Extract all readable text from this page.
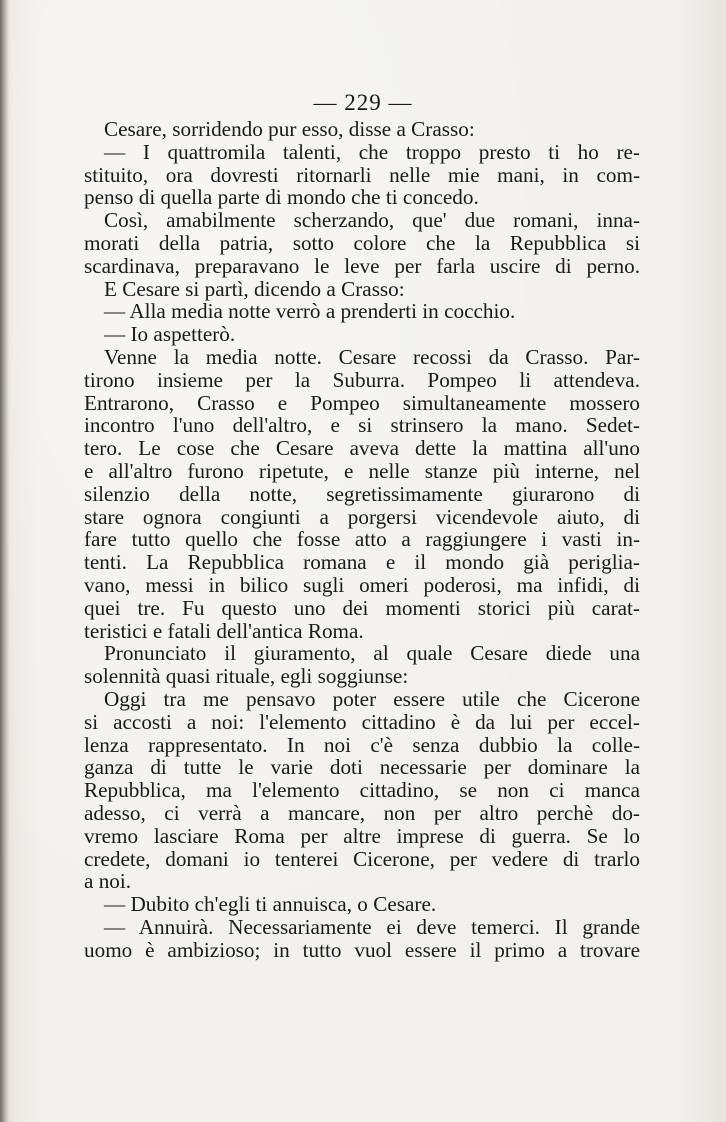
— 229 —
Cesare, sorridendo pur esso, disse a Crasso:
— I quattromila talenti, che troppo presto ti ho re-
stituito, ora dovresti ritornarli nelle mie mani, in com-
penso di quella parte di mondo che ti concedo.
Così, amabilmente scherzando, que' due romani, inna-
morati della patria, sotto colore che la Repubblica si
scardinava, preparavano le leve per farla uscire di perno.
E Cesare si partì, dicendo a Crasso:
— Alla media notte verrò a prenderti in cocchio.
— Io aspetterò.
Venne la media notte. Cesare recossi da Crasso. Par-
tirono insieme per la Suburra. Pompeo li attendeva.
Entrarono, Crasso e Pompeo simultaneamente mossero
incontro l'uno dell'altro, e si strinsero la mano. Sedet-
tero. Le cose che Cesare aveva dette la mattina all'uno
e all'altro furono ripetute, e nelle stanze più interne, nel
silenzio della notte, segretissimamente giurarono di
stare ognora congiunti a porgersi vicendevole aiuto, di
fare tutto quello che fosse atto a raggiungere i vasti in-
tenti. La Repubblica romana e il mondo già periglia-
vano, messi in bilico sugli omeri poderosi, ma infidi, di
quei tre. Fu questo uno dei momenti storici più carat-
teristici e fatali dell'antica Roma.
Pronunciato il giuramento, al quale Cesare diede una
solennità quasi rituale, egli soggiunse:
Oggi tra me pensavo poter essere utile che Cicerone
si accosti a noi: l'elemento cittadino è da lui per eccel-
lenza rappresentato. In noi c'è senza dubbio la colle-
ganza di tutte le varie doti necessarie per dominare la
Repubblica, ma l'elemento cittadino, se non ci manca
adesso, ci verrà a mancare, non per altro perchè do-
vremo lasciare Roma per altre imprese di guerra. Se lo
credete, domani io tenterei Cicerone, per vedere di trarlo
a noi.
— Dubito ch'egli ti annuisca, o Cesare.
— Annuirà. Necessariamente ei deve temerci. Il grande
uomo è ambizioso; in tutto vuol essere il primo a trovare
